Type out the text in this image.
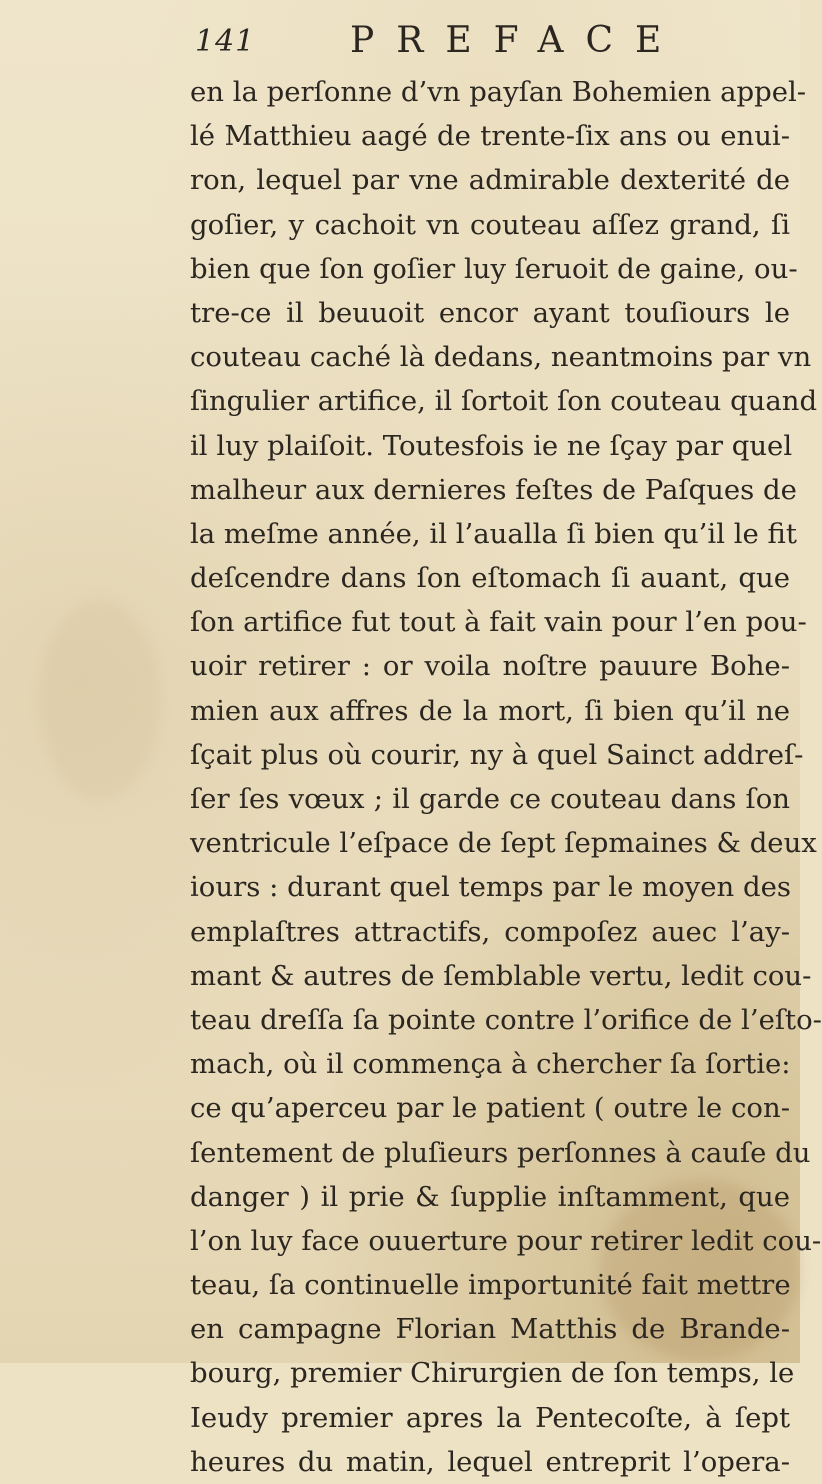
141	PREFACE
en la perſonne d’vn payſan Bohemien appel-
lé Matthieu aagé de trente-ſix ans ou enui-
ron, lequel par vne admirable dexterité de
goſier, y cachoit vn couteau aſſez grand, ſi
bien que ſon goſier luy ſeruoit de gaine, ou-
tre-ce il beuuoit encor ayant touſiours le
couteau caché là dedans, neantmoins par vn
ſingulier artifice, il ſortoit ſon couteau quand
il luy plaiſoit. Toutesfois ie ne ſçay par quel
malheur aux dernieres feſtes de Paſques de
la meſme année, il l’aualla ſi bien qu’il le fit
deſcendre dans ſon eſtomach ſi auant, que
ſon artifice fut tout à fait vain pour l’en pou-
uoir retirer : or voila noſtre pauure Bohe-
mien aux affres de la mort, ſi bien qu’il ne
ſçait plus où courir, ny à quel Sainct addreſ-
ſer ſes vœux ; il garde ce couteau dans ſon
ventricule l’eſpace de ſept ſepmaines & deux
iours : durant quel temps par le moyen des
emplaſtres attractifs, compoſez auec l’ay-
mant & autres de ſemblable vertu, ledit cou-
teau dreſſa ſa pointe contre l’orifice de l’eſto-
mach, où il commença à chercher ſa ſortie:
ce qu’aperceu par le patient ( outre le con-
ſentement de pluſieurs perſonnes à cauſe du
danger ) il prie & ſupplie inſtamment, que
l’on luy face ouuerture pour retirer ledit cou-
teau, ſa continuelle importunité fait mettre
en campagne Florian Matthis de Brande-
bourg, premier Chirurgien de ſon temps, le
Ieudy premier apres la Pentecoſte, à ſept
heures du matin, lequel entreprit l’opera-
